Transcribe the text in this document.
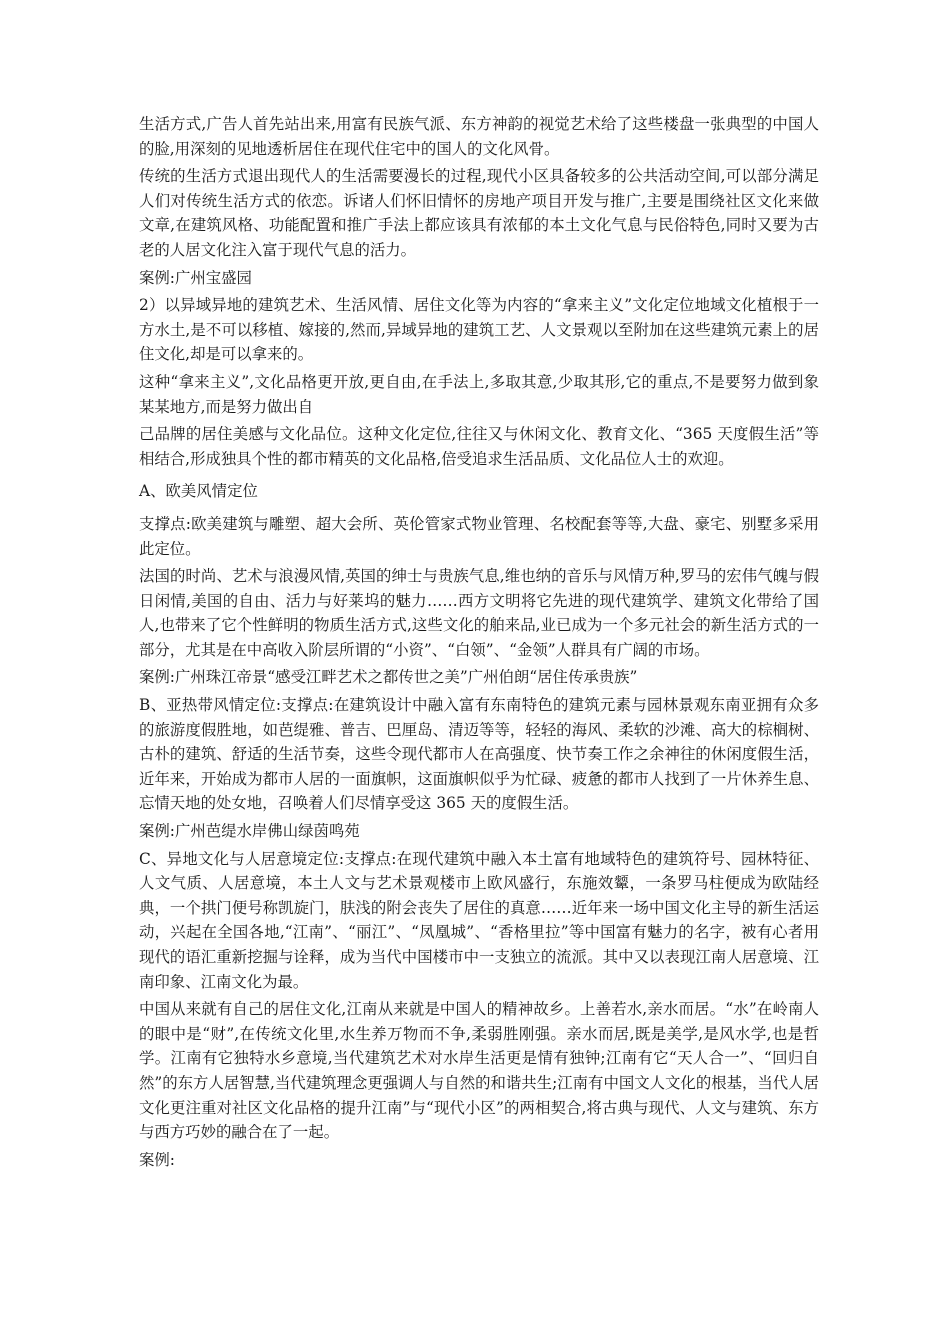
生活方式,广告人首先站出来,用富有民族气派、东方神韵的视觉艺术给了这些楼盘一张典型的中国人的脸,用深刻的见地透析居住在现代住宅中的国人的文化风骨。

传统的生活方式退出现代人的生活需要漫长的过程,现代小区具备较多的公共活动空间,可以部分满足人们对传统生活方式的依恋。诉诸人们怀旧情怀的房地产项目开发与推广,主要是围绕社区文化来做文章,在建筑风格、功能配置和推广手法上都应该具有浓郁的本土文化气息与民俗特色,同时又要为古老的人居文化注入富于现代气息的活力。

案例:广州宝盛园

2）以异域异地的建筑艺术、生活风情、居住文化等为内容的“拿来主义”文化定位地域文化植根于一方水土,是不可以移植、嫁接的,然而,异域异地的建筑工艺、人文景观以至附加在这些建筑元素上的居住文化,却是可以拿来的。

这种“拿来主义”,文化品格更开放,更自由,在手法上,多取其意,少取其形,它的重点,不是要努力做到象某某地方,而是努力做出自

己品牌的居住美感与文化品位。这种文化定位,往往又与休闲文化、教育文化、“365 天度假生活”等相结合,形成独具个性的都市精英的文化品格,倍受追求生活品质、文化品位人士的欢迎。

A、欧美风情定位

支撑点:欧美建筑与雕塑、超大会所、英伦管家式物业管理、名校配套等等,大盘、豪宅、别墅多采用此定位。

法国的时尚、艺术与浪漫风情,英国的绅士与贵族气息,维也纳的音乐与风情万种,罗马的宏伟气魄与假日闲情,美国的自由、活力与好莱坞的魅力……西方文明将它先进的现代建筑学、建筑文化带给了国人,也带来了它个性鲜明的物质生活方式,这些文化的舶来品,业已成为一个多元社会的新生活方式的一部分，尤其是在中高收入阶层所谓的“小资”、“白领”、“金领”人群具有广阔的市场。

案例:广州珠江帝景“感受江畔艺术之都传世之美”广州伯朗“居住传承贵族”

B、亚热带风情定位:支撑点:在建筑设计中融入富有东南特色的建筑元素与园林景观东南亚拥有众多的旅游度假胜地，如芭缇雅、普吉、巴厘岛、清迈等等，轻轻的海风、柔软的沙滩、高大的棕榈树、古朴的建筑、舒适的生活节奏，这些令现代都市人在高强度、快节奏工作之余神往的休闲度假生活，近年来，开始成为都市人居的一面旗帜，这面旗帜似乎为忙碌、疲惫的都市人找到了一片休养生息、忘情天地的处女地，召唤着人们尽情享受这 365 天的度假生活。

案例:广州芭缇水岸佛山绿茵鸣苑

C、异地文化与人居意境定位:支撑点:在现代建筑中融入本土富有地域特色的建筑符号、园林特征、人文气质、人居意境，本土人文与艺术景观楼市上欧风盛行，东施效颦，一条罗马柱便成为欧陆经典，一个拱门便号称凯旋门，肤浅的附会丧失了居住的真意……近年来一场中国文化主导的新生活运动，兴起在全国各地,“江南”、“丽江”、“凤凰城”、“香格里拉”等中国富有魅力的名字，被有心者用现代的语汇重新挖掘与诠释，成为当代中国楼市中一支独立的流派。其中又以表现江南人居意境、江南印象、江南文化为最。

中国从来就有自己的居住文化,江南从来就是中国人的精神故乡。上善若水,亲水而居。“水”在岭南人的眼中是“财”,在传统文化里,水生养万物而不争,柔弱胜刚强。亲水而居,既是美学,是风水学,也是哲学。江南有它独特水乡意境,当代建筑艺术对水岸生活更是情有独钟;江南有它“天人合一”、“回归自然”的东方人居智慧,当代建筑理念更强调人与自然的和谐共生;江南有中国文人文化的根基，当代人居文化更注重对社区文化品格的提升江南”与“现代小区”的两相契合,将古典与现代、人文与建筑、东方与西方巧妙的融合在了一起。

案例:
